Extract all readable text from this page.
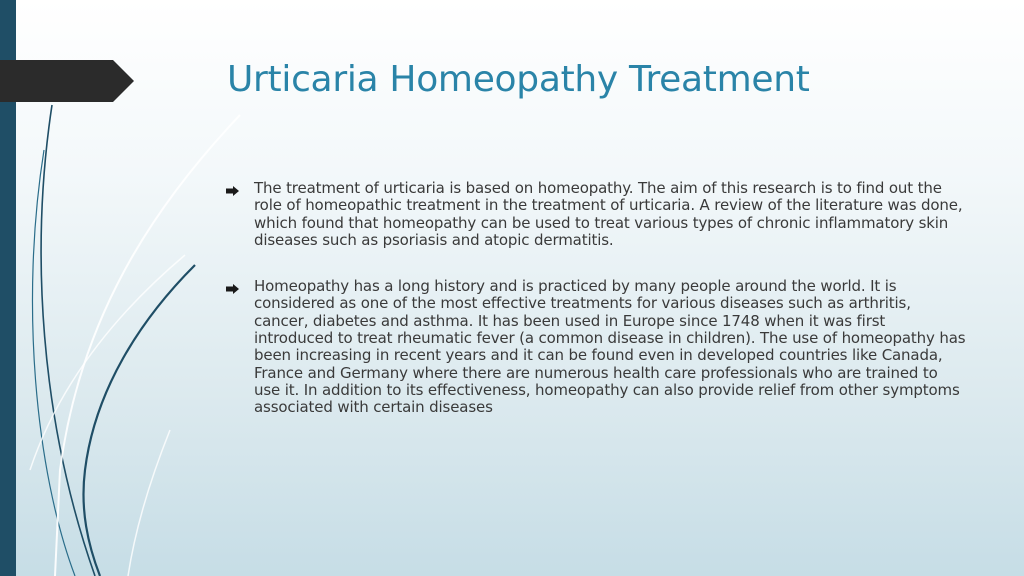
Urticaria Homeopathy Treatment

The treatment of urticaria is based on homeopathy. The aim of this research is to find out the role of homeopathic treatment in the treatment of urticaria. A review of the literature was done, which found that homeopathy can be used to treat various types of chronic inflammatory skin diseases such as psoriasis and atopic dermatitis.

Homeopathy has a long history and is practiced by many people around the world. It is considered as one of the most effective treatments for various diseases such as arthritis, cancer, diabetes and asthma. It has been used in Europe since 1748 when it was first introduced to treat rheumatic fever (a common disease in children). The use of homeopathy has been increasing in recent years and it can be found even in developed countries like Canada, France and Germany where there are numerous health care professionals who are trained to use it. In addition to its effectiveness, homeopathy can also provide relief from other symptoms associated with certain diseases
